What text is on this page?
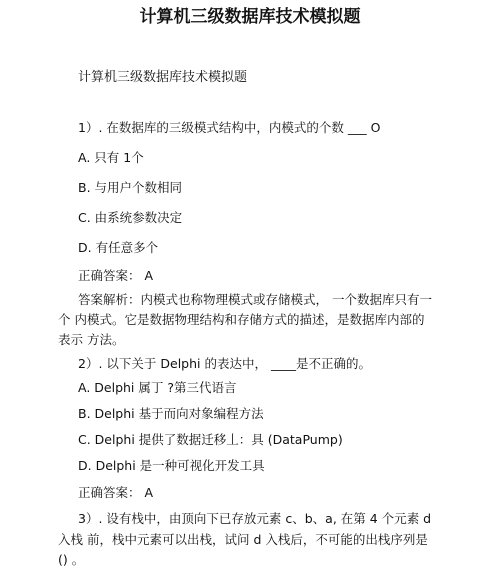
计算机三级数据库技术模拟题
计算机三级数据库技术模拟题
1）. 在数据库的三级模式结构中，内模式的个数 ___ O
A. 只有 1个
B. 与用户个数相同
C. 由系统参数决定
D. 有任意多个
正确答案： A
答案解析：内模式也称物理模式或存储模式， 一个数据库只有一
个 内模式。它是数据物理结构和存储方式的描述，是数据库内部的
表示 方法。
2）. 以下关于 Delphi 的表达中， ____是不正确的。
A. Delphi 属丁 ?第三代语言
B. Delphi 基于而向对象编程方法
C. Delphi 提供了数据迁移丄：具 (DataPump)
D. Delphi 是一种可视化开发工具
正确答案： A
3）. 设有栈中，由顶向下已存放元素 c、b、a, 在第 4 个元素 d
入栈 前，栈中元素可以出栈，试问 d 入栈后，不可能的出栈序列是
() 。
